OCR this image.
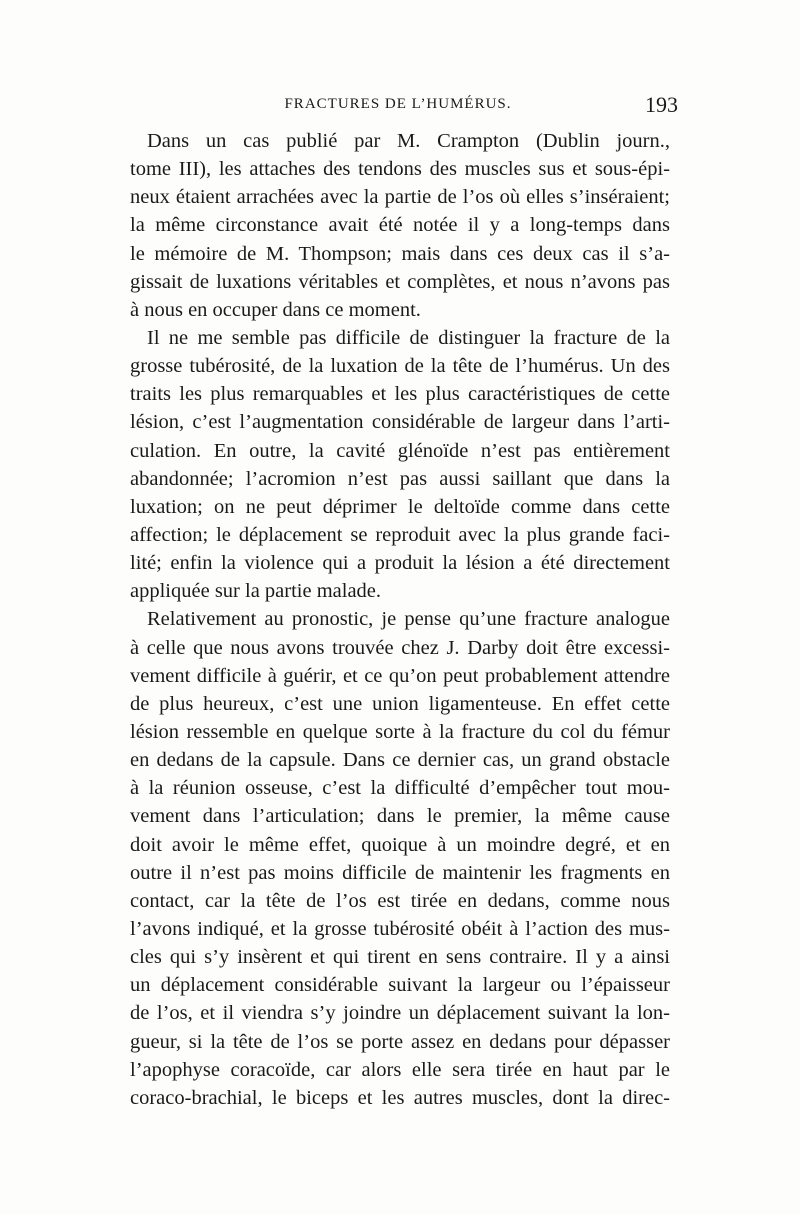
FRACTURES DE L’HUMÉRUS.	193
Dans un cas publié par M. Crampton (Dublin journ.,
tome III), les attaches des tendons des muscles sus et sous-épi-
neux étaient arrachées avec la partie de l’os où elles s’inséraient;
la même circonstance avait été notée il y a long-temps dans
le mémoire de M. Thompson; mais dans ces deux cas il s’a-
gissait de luxations véritables et complètes, et nous n’avons pas
à nous en occuper dans ce moment.
Il ne me semble pas difficile de distinguer la fracture de la
grosse tubérosité, de la luxation de la tête de l’humérus. Un des
traits les plus remarquables et les plus caractéristiques de cette
lésion, c’est l’augmentation considérable de largeur dans l’arti-
culation. En outre, la cavité glénoïde n’est pas entièrement
abandonnée; l’acromion n’est pas aussi saillant que dans la
luxation; on ne peut déprimer le deltoïde comme dans cette
affection; le déplacement se reproduit avec la plus grande faci-
lité; enfin la violence qui a produit la lésion a été directement
appliquée sur la partie malade.
Relativement au pronostic, je pense qu’une fracture analogue
à celle que nous avons trouvée chez J. Darby doit être excessi-
vement difficile à guérir, et ce qu’on peut probablement attendre
de plus heureux, c’est une union ligamenteuse. En effet cette
lésion ressemble en quelque sorte à la fracture du col du fémur
en dedans de la capsule. Dans ce dernier cas, un grand obstacle
à la réunion osseuse, c’est la difficulté d’empêcher tout mou-
vement dans l’articulation; dans le premier, la même cause
doit avoir le même effet, quoique à un moindre degré, et en
outre il n’est pas moins difficile de maintenir les fragments en
contact, car la tête de l’os est tirée en dedans, comme nous
l’avons indiqué, et la grosse tubérosité obéit à l’action des mus-
cles qui s’y insèrent et qui tirent en sens contraire. Il y a ainsi
un déplacement considérable suivant la largeur ou l’épaisseur
de l’os, et il viendra s’y joindre un déplacement suivant la lon-
gueur, si la tête de l’os se porte assez en dedans pour dépasser
l’apophyse coracoïde, car alors elle sera tirée en haut par le
coraco-brachial, le biceps et les autres muscles, dont la direc-
